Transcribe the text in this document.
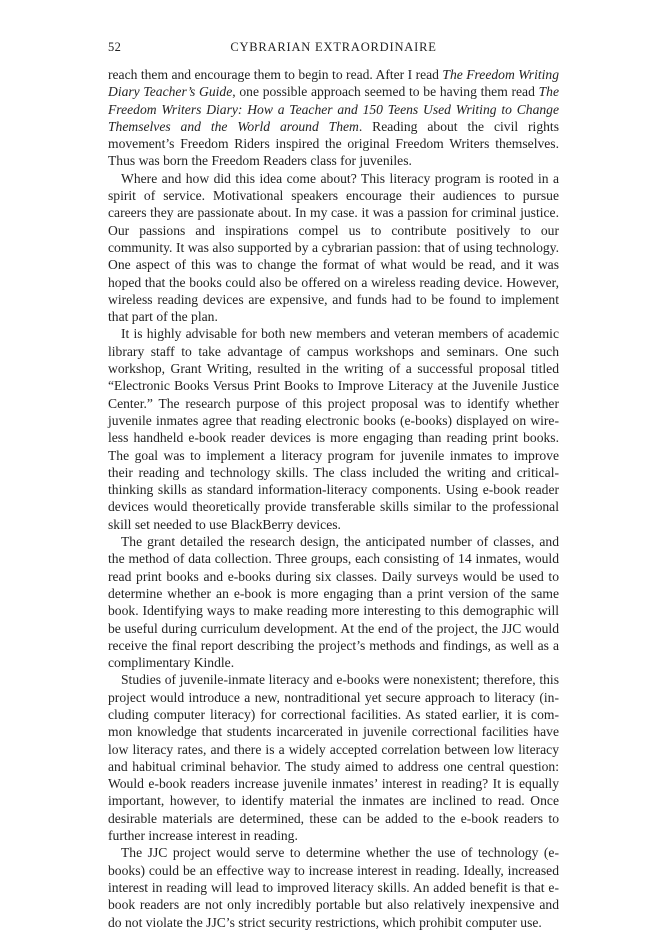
52	CYBRARIAN EXTRAORDINAIRE

reach them and encourage them to begin to read. After I read The Freedom Writing Diary Teacher’s Guide, one possible approach seemed to be having them read The Freedom Writers Diary: How a Teacher and 150 Teens Used Writing to Change Themselves and the World around Them. Reading about the civil rights movement’s Freedom Riders inspired the original Freedom Writers themselves. Thus was born the Freedom Readers class for juveniles.

Where and how did this idea come about? This literacy program is rooted in a spirit of service. Motivational speakers encourage their audiences to pursue careers they are passionate about. In my case. it was a passion for criminal justice. Our passions and inspirations compel us to contribute positively to our community. It was also supported by a cybrarian passion: that of using technology. One aspect of this was to change the format of what would be read, and it was hoped that the books could also be offered on a wireless reading device. However, wireless reading devices are expensive, and funds had to be found to implement that part of the plan.

It is highly advisable for both new members and veteran members of academic library staff to take advantage of campus workshops and seminars. One such workshop, Grant Writing, resulted in the writing of a successful proposal titled “Electronic Books Versus Print Books to Improve Literacy at the Juvenile Justice Center.” The research purpose of this project proposal was to identify whether juvenile inmates agree that reading electronic books (e-books) displayed on wireless handheld e-book reader devices is more engaging than reading print books. The goal was to implement a literacy program for juvenile inmates to improve their reading and technology skills. The class included the writing and critical-thinking skills as standard information-literacy components. Using e-book reader devices would theoretically provide transferable skills similar to the professional skill set needed to use BlackBerry devices.

The grant detailed the research design, the anticipated number of classes, and the method of data collection. Three groups, each consisting of 14 inmates, would read print books and e-books during six classes. Daily surveys would be used to determine whether an e-book is more engaging than a print version of the same book. Identifying ways to make reading more interesting to this demographic will be useful during curriculum development. At the end of the project, the JJC would receive the final report describing the project’s methods and findings, as well as a complimentary Kindle.

Studies of juvenile-inmate literacy and e-books were nonexistent; therefore, this project would introduce a new, nontraditional yet secure approach to literacy (including computer literacy) for correctional facilities. As stated earlier, it is common knowledge that students incarcerated in juvenile correctional facilities have low literacy rates, and there is a widely accepted correlation between low literacy and habitual criminal behavior. The study aimed to address one central question: Would e-book readers increase juvenile inmates’ interest in reading? It is equally important, however, to identify material the inmates are inclined to read. Once desirable materials are determined, these can be added to the e-book readers to further increase interest in reading.

The JJC project would serve to determine whether the use of technology (e-books) could be an effective way to increase interest in reading. Ideally, increased interest in reading will lead to improved literacy skills. An added benefit is that e-book readers are not only incredibly portable but also relatively inexpensive and do not violate the JJC’s strict security restrictions, which prohibit computer use.
